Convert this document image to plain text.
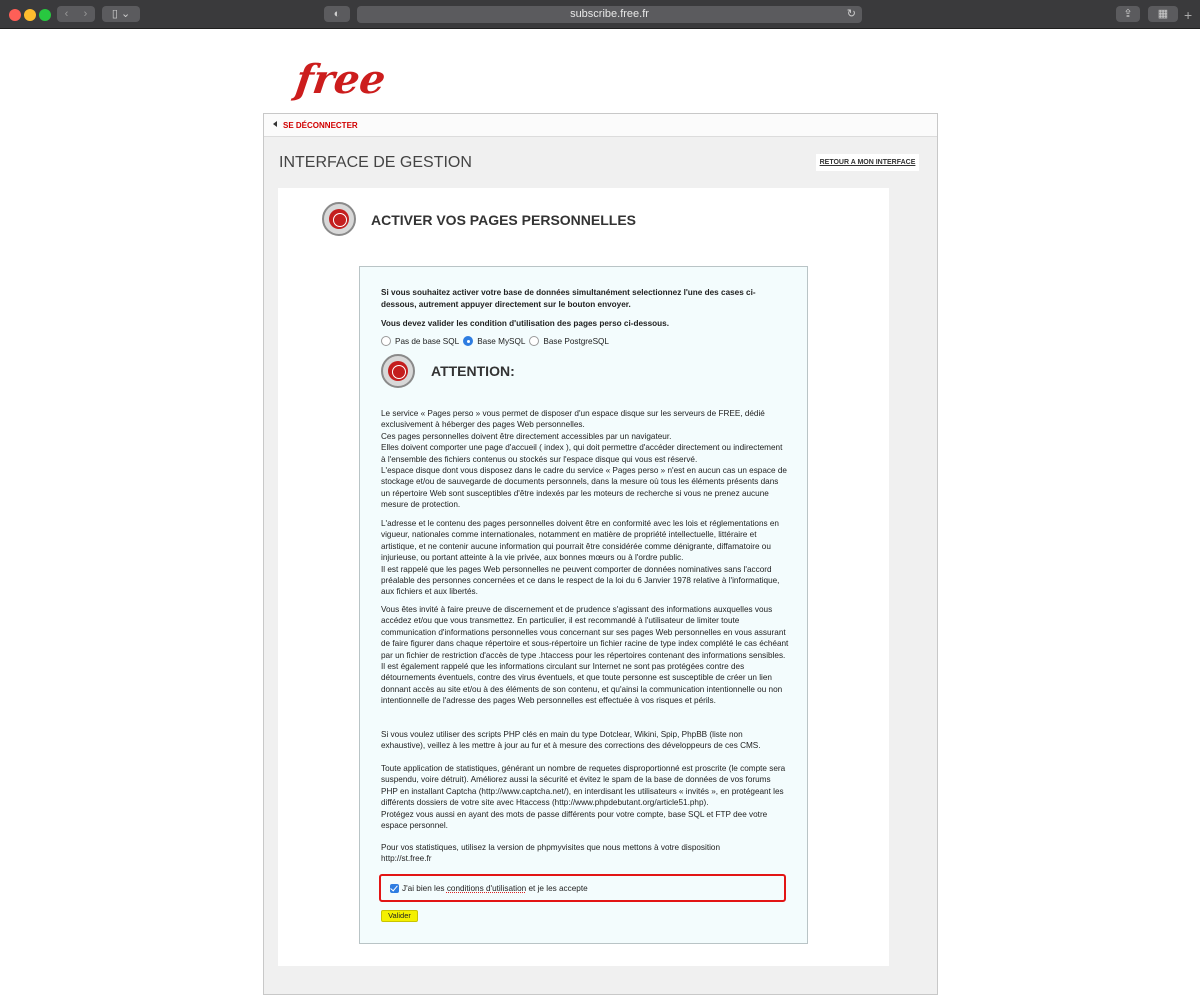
‹	›	▯ ⌄	◐	subscribe.free.fr	↻	⇪	▦	+
free
SE DÉCONNECTER
INTERFACE DE GESTION	RETOUR A MON INTERFACE
ACTIVER VOS PAGES PERSONNELLES
Si vous souhaitez activer votre base de données simultanément selectionnez l'une des cases ci-dessous, autrement appuyer directement sur le bouton envoyer.
Vous devez valider les condition d'utilisation des pages perso ci-dessous.
Pas de base SQL Base MySQL Base PostgreSQL
ATTENTION:
Le service « Pages perso » vous permet de disposer d'un espace disque sur les serveurs de FREE, dédié exclusivement à héberger des pages Web personnelles.
Ces pages personnelles doivent être directement accessibles par un navigateur.
Elles doivent comporter une page d'accueil ( index ), qui doit permettre d'accéder directement ou indirectement à l'ensemble des fichiers contenus ou stockés sur l'espace disque qui vous est réservé.
L'espace disque dont vous disposez dans le cadre du service « Pages perso » n'est en aucun cas un espace de stockage et/ou de sauvegarde de documents personnels, dans la mesure où tous les éléments présents dans un répertoire Web sont susceptibles d'être indexés par les moteurs de recherche si vous ne prenez aucune mesure de protection.
L'adresse et le contenu des pages personnelles doivent être en conformité avec les lois et réglementations en vigueur, nationales comme internationales, notamment en matière de propriété intellectuelle, littéraire et artistique, et ne contenir aucune information qui pourrait être considérée comme dénigrante, diffamatoire ou injurieuse, ou portant atteinte à la vie privée, aux bonnes mœurs ou à l'ordre public.
Il est rappelé que les pages Web personnelles ne peuvent comporter de données nominatives sans l'accord préalable des personnes concernées et ce dans le respect de la loi du 6 Janvier 1978 relative à l'informatique, aux fichiers et aux libertés.
Vous êtes invité à faire preuve de discernement et de prudence s'agissant des informations auxquelles vous accédez et/ou que vous transmettez. En particulier, il est recommandé à l'utilisateur de limiter toute communication d'informations personnelles vous concernant sur ses pages Web personnelles en vous assurant de faire figurer dans chaque répertoire et sous-répertoire un fichier racine de type index complété le cas échéant par un fichier de restriction d'accès de type .htaccess pour les répertoires contenant des informations sensibles. Il est également rappelé que les informations circulant sur Internet ne sont pas protégées contre des détournements éventuels, contre des virus éventuels, et que toute personne est susceptible de créer un lien donnant accès au site et/ou à des éléments de son contenu, et qu'ainsi la communication intentionnelle ou non intentionnelle de l'adresse des pages Web personnelles est effectuée à vos risques et périls.
Si vous voulez utiliser des scripts PHP clés en main du type Dotclear, Wikini, Spip, PhpBB (liste non exhaustive), veillez à les mettre à jour au fur et à mesure des corrections des développeurs de ces CMS.
Toute application de statistiques, générant un nombre de requetes disproportionné est proscrite (le compte sera suspendu, voire détruit). Améliorez aussi la sécurité et évitez le spam de la base de données de vos forums PHP en installant Captcha (http://www.captcha.net/), en interdisant les utilisateurs « invités », en protégeant les différents dossiers de votre site avec Htaccess (http://www.phpdebutant.org/article51.php).
Protégez vous aussi en ayant des mots de passe différents pour votre compte, base SQL et FTP dee votre espace personnel.
Pour vos statistiques, utilisez la version de phpmyvisites que nous mettons à votre disposition
http://st.free.fr
J'ai bien les conditions d'utilisation et je les accepte
Valider
